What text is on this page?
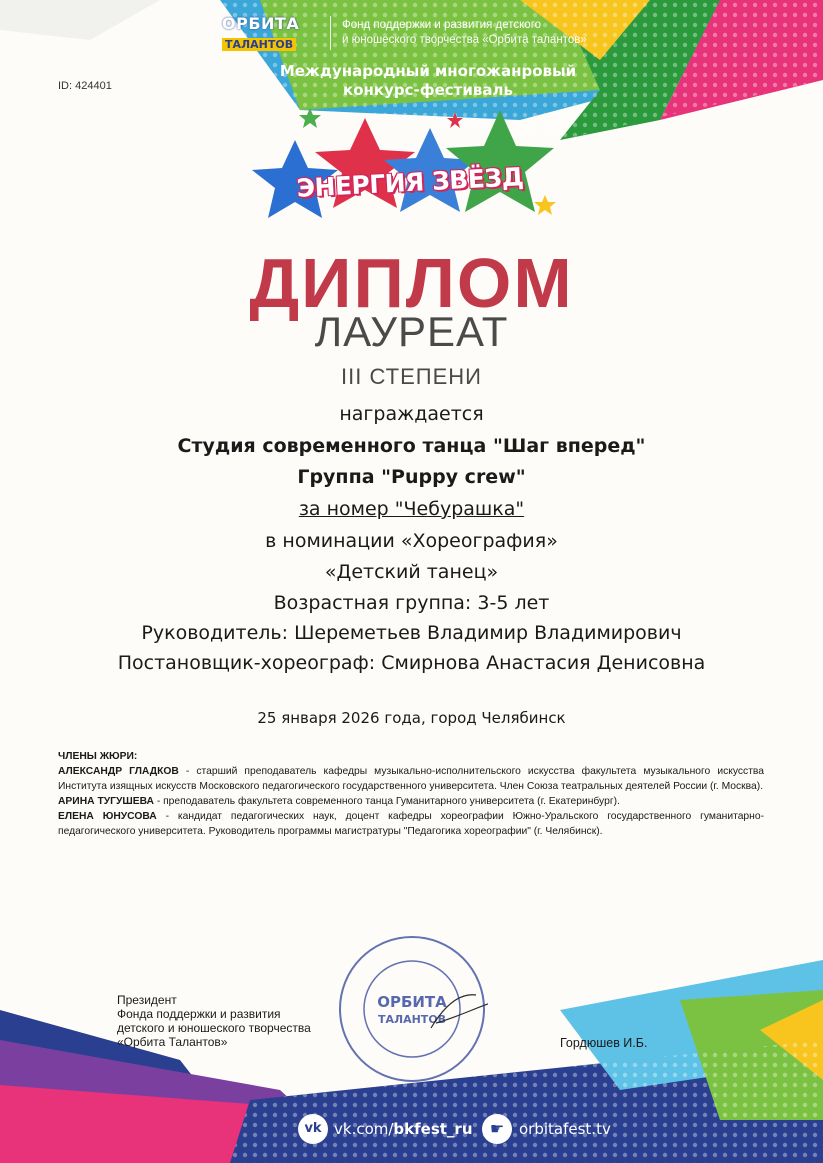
ОРБИТА
ТАЛАНТОВ
Фонд поддержки и развития детского
и юношеского творчества «Орбита талантов»
ID: 424401
Международный многожанровый
конкурс-фестиваль
ЭНЕРГИЯ ЗВЁЗД
ДИПЛОМ
ЛАУРЕАТ
III СТЕПЕНИ
награждается
Студия современного танца "Шаг вперед"
Группа "Puppy crew"
за номер "Чебурашка"
в номинации «Хореография»
«Детский танец»
Возрастная группа: 3-5 лет
Руководитель: Шереметьев Владимир Владимирович
Постановщик-хореограф: Смирнова Анастасия Денисовна
25 января 2026 года, город Челябинск
ЧЛЕНЫ ЖЮРИ:

АЛЕКСАНДР ГЛАДКОВ - старший преподаватель кафедры музыкально-исполнительского искусства факультета музыкального искусства Института изящных искусств Московского педагогического государственного университета. Член Союза театральных деятелей России (г. Москва).

АРИНА ТУГУШЕВА - преподаватель факультета современного танца Гуманитарного университета (г. Екатеринбург).

ЕЛЕНА ЮНУСОВА - кандидат педагогических наук, доцент кафедры хореографии Южно-Уральского государственного гуманитарно-педагогического университета. Руководитель программы магистратуры "Педагогика хореографии" (г. Челябинск).

Президент
Фонда поддержки и развития
детского и юношеского творчества
«Орбита Талантов»
ОРБИТА
ТАЛАНТОВ
Гордюшев И.Б.
vk vk.com/bkfest_ru	☛ orbitafest.tv
